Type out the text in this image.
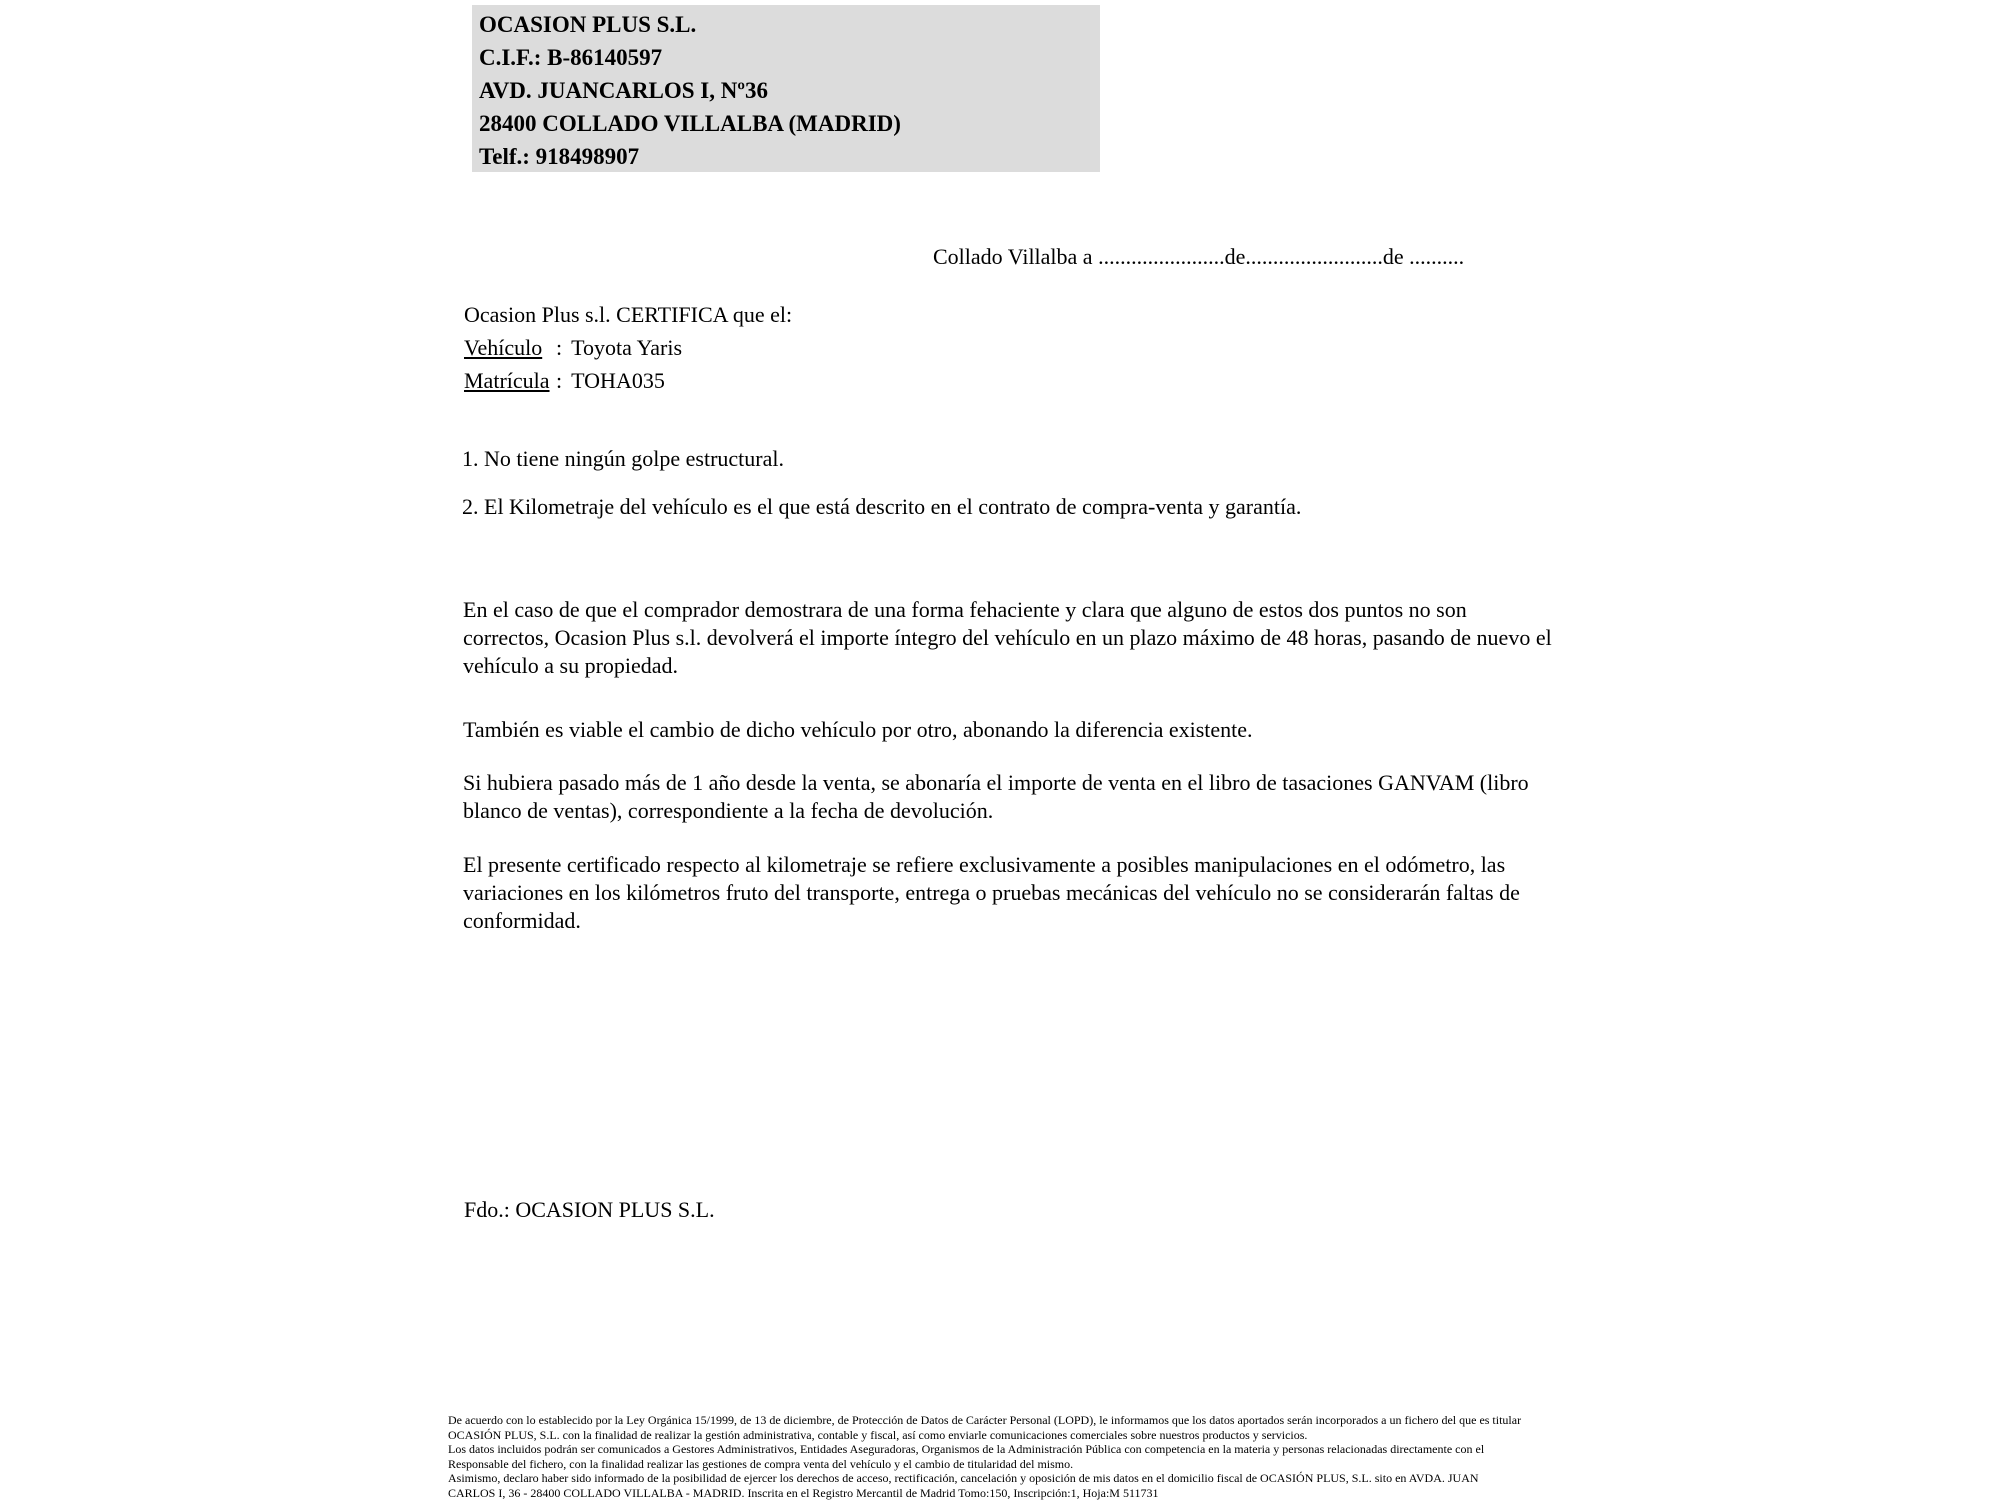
OCASION PLUS S.L.
C.I.F.: B-86140597
AVD. JUANCARLOS I, Nº36
28400 COLLADO VILLALBA (MADRID)
Telf.: 918498907
Collado Villalba a .......................de.........................de ..........
Ocasion Plus s.l. CERTIFICA que el:
Vehículo : Toyota Yaris
Matrícula : TOHA035
1. No tiene ningún golpe estructural.
2. El Kilometraje del vehículo es el que está descrito en el contrato de compra-venta y garantía.
En el caso de que el comprador demostrara de una forma fehaciente y clara que alguno de estos dos puntos no son correctos, Ocasion Plus s.l. devolverá el importe íntegro del vehículo en un plazo máximo de 48 horas, pasando de nuevo el vehículo a su propiedad.
También es viable el cambio de dicho vehículo por otro, abonando la diferencia existente.
Si hubiera pasado más de 1 año desde la venta, se abonaría el importe de venta en el libro de tasaciones GANVAM (libro blanco de ventas), correspondiente a la fecha de devolución.
El presente certificado respecto al kilometraje se refiere exclusivamente a posibles manipulaciones en el odómetro, las variaciones en los kilómetros fruto del transporte, entrega o pruebas mecánicas del vehículo no se considerarán faltas de conformidad.
Fdo.: OCASION PLUS S.L.
De acuerdo con lo establecido por la Ley Orgánica 15/1999, de 13 de diciembre, de Protección de Datos de Carácter Personal (LOPD), le informamos que los datos aportados serán incorporados a un fichero del que es titular
OCASIÓN PLUS, S.L. con la finalidad de realizar la gestión administrativa, contable y fiscal, así como enviarle comunicaciones comerciales sobre nuestros productos y servicios.
Los datos incluidos podrán ser comunicados a Gestores Administrativos, Entidades Aseguradoras, Organismos de la Administración Pública con competencia en la materia y personas relacionadas directamente con el
Responsable del fichero, con la finalidad realizar las gestiones de compra venta del vehículo y el cambio de titularidad del mismo.
Asimismo, declaro haber sido informado de la posibilidad de ejercer los derechos de acceso, rectificación, cancelación y oposición de mis datos en el domicilio fiscal de OCASIÓN PLUS, S.L. sito en AVDA. JUAN
CARLOS I, 36 - 28400 COLLADO VILLALBA - MADRID. Inscrita en el Registro Mercantil de Madrid Tomo:150, Inscripción:1, Hoja:M 511731
